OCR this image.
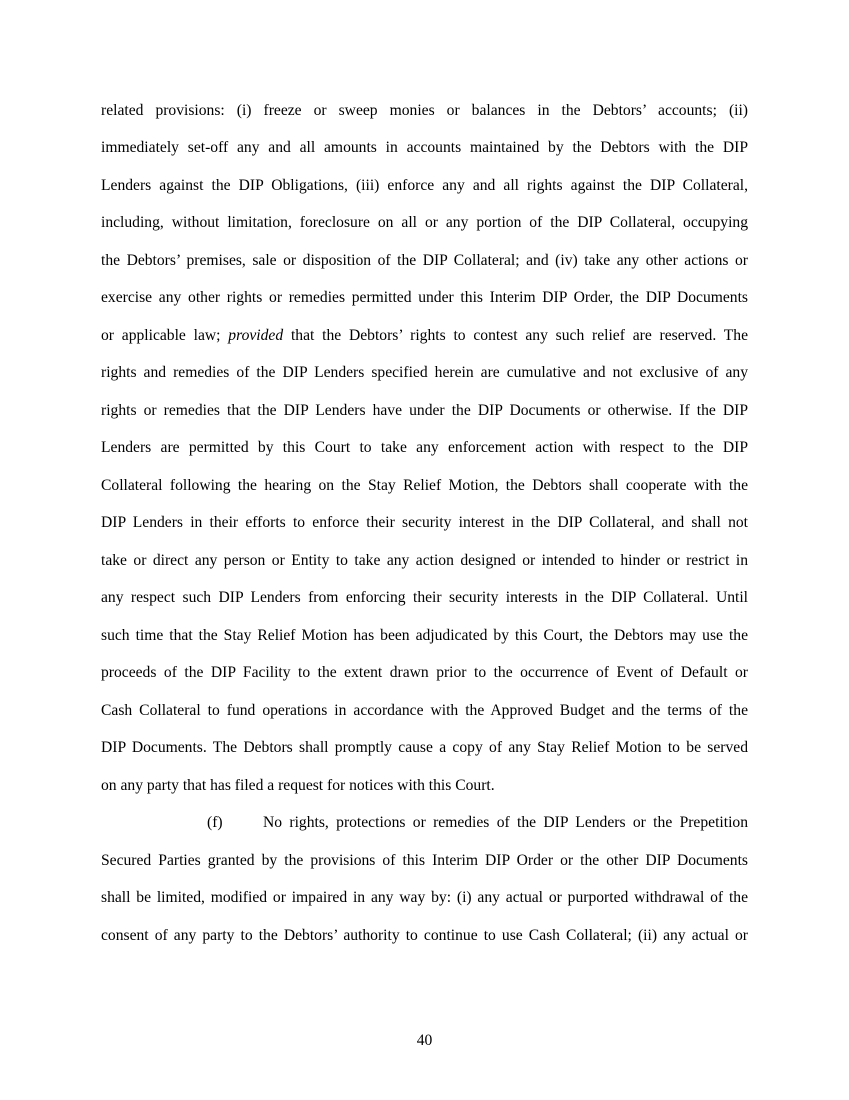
related provisions: (i) freeze or sweep monies or balances in the Debtors’ accounts; (ii)
immediately set-off any and all amounts in accounts maintained by the Debtors with the DIP
Lenders against the DIP Obligations, (iii) enforce any and all rights against the DIP Collateral,
including, without limitation, foreclosure on all or any portion of the DIP Collateral, occupying
the Debtors’ premises, sale or disposition of the DIP Collateral; and (iv) take any other actions or
exercise any other rights or remedies permitted under this Interim DIP Order, the DIP Documents
or applicable law; provided that the Debtors’ rights to contest any such relief are reserved. The
rights and remedies of the DIP Lenders specified herein are cumulative and not exclusive of any
rights or remedies that the DIP Lenders have under the DIP Documents or otherwise. If the DIP
Lenders are permitted by this Court to take any enforcement action with respect to the DIP
Collateral following the hearing on the Stay Relief Motion, the Debtors shall cooperate with the
DIP Lenders in their efforts to enforce their security interest in the DIP Collateral, and shall not
take or direct any person or Entity to take any action designed or intended to hinder or restrict in
any respect such DIP Lenders from enforcing their security interests in the DIP Collateral. Until
such time that the Stay Relief Motion has been adjudicated by this Court, the Debtors may use the
proceeds of the DIP Facility to the extent drawn prior to the occurrence of Event of Default or
Cash Collateral to fund operations in accordance with the Approved Budget and the terms of the
DIP Documents. The Debtors shall promptly cause a copy of any Stay Relief Motion to be served
on any party that has filed a request for notices with this Court.
(f)	No rights, protections or remedies of the DIP Lenders or the Prepetition
Secured Parties granted by the provisions of this Interim DIP Order or the other DIP Documents
shall be limited, modified or impaired in any way by: (i) any actual or purported withdrawal of the
consent of any party to the Debtors’ authority to continue to use Cash Collateral; (ii) any actual or
40
